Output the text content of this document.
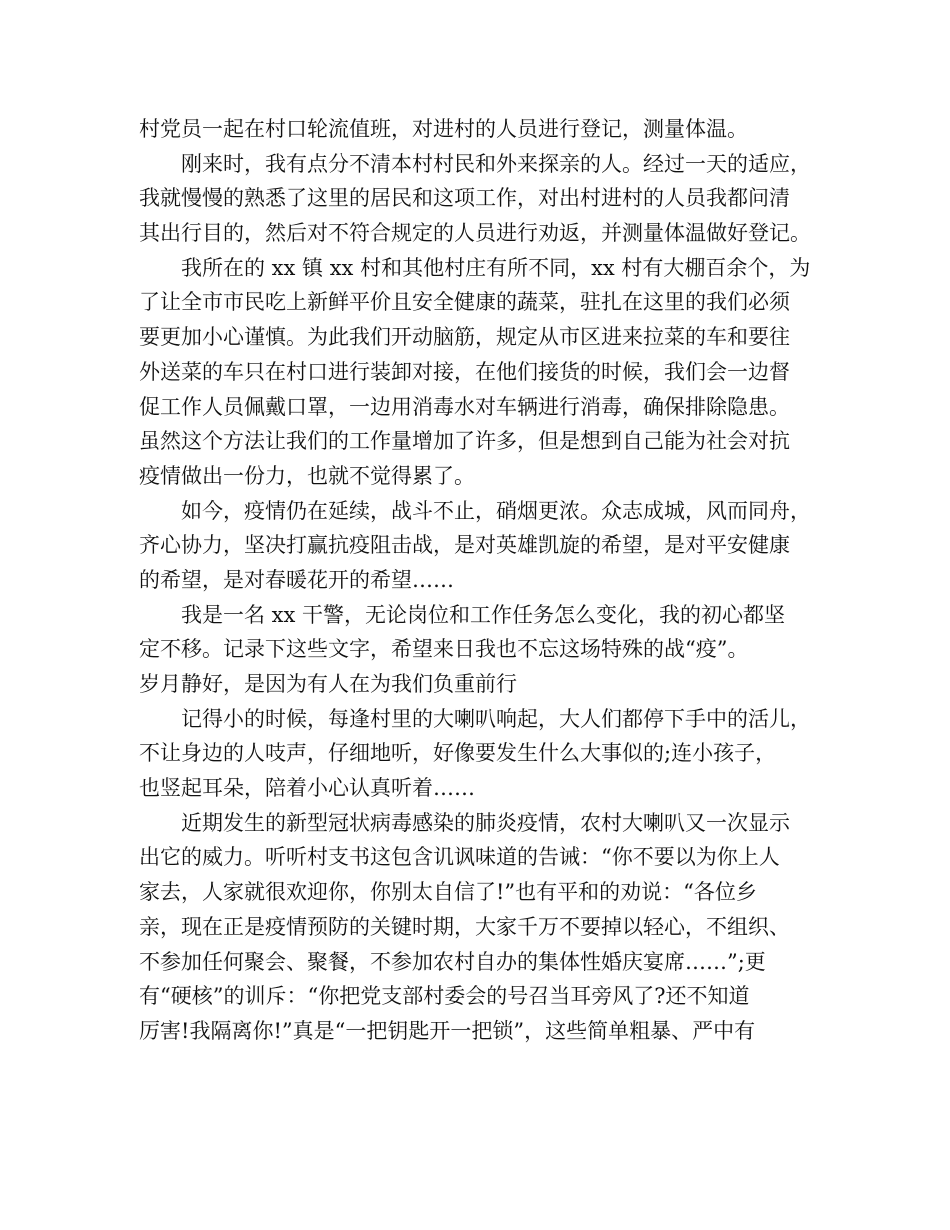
村党员一起在村口轮流值班，对进村的人员进行登记，测量体温。
刚来时，我有点分不清本村村民和外来探亲的人。经过一天的适应，
我就慢慢的熟悉了这里的居民和这项工作，对出村进村的人员我都问清
其出行目的，然后对不符合规定的人员进行劝返，并测量体温做好登记。
我所在的 xx 镇 xx 村和其他村庄有所不同，xx 村有大棚百余个，为
了让全市市民吃上新鲜平价且安全健康的蔬菜，驻扎在这里的我们必须
要更加小心谨慎。为此我们开动脑筋，规定从市区进来拉菜的车和要往
外送菜的车只在村口进行装卸对接，在他们接货的时候，我们会一边督
促工作人员佩戴口罩，一边用消毒水对车辆进行消毒，确保排除隐患。
虽然这个方法让我们的工作量增加了许多，但是想到自己能为社会对抗
疫情做出一份力，也就不觉得累了。
如今，疫情仍在延续，战斗不止，硝烟更浓。众志成城，风而同舟，
齐心协力，坚决打赢抗疫阻击战，是对英雄凯旋的希望，是对平安健康
的希望，是对春暖花开的希望……
我是一名 xx 干警，无论岗位和工作任务怎么变化，我的初心都坚
定不移。记录下这些文字，希望来日我也不忘这场特殊的战“疫”。
岁月静好，是因为有人在为我们负重前行
记得小的时候，每逢村里的大喇叭响起，大人们都停下手中的活儿，
不让身边的人吱声，仔细地听，好像要发生什么大事似的;连小孩子，
也竖起耳朵，陪着小心认真听着……
近期发生的新型冠状病毒感染的肺炎疫情，农村大喇叭又一次显示
出它的威力。听听村支书这包含讥讽味道的告诫：“你不要以为你上人
家去，人家就很欢迎你，你别太自信了!”也有平和的劝说：“各位乡
亲，现在正是疫情预防的关键时期，大家千万不要掉以轻心，不组织、
不参加任何聚会、聚餐，不参加农村自办的集体性婚庆宴席……”;更
有“硬核”的训斥：“你把党支部村委会的号召当耳旁风了?还不知道
厉害!我隔离你!”真是“一把钥匙开一把锁”，这些简单粗暴、严中有
